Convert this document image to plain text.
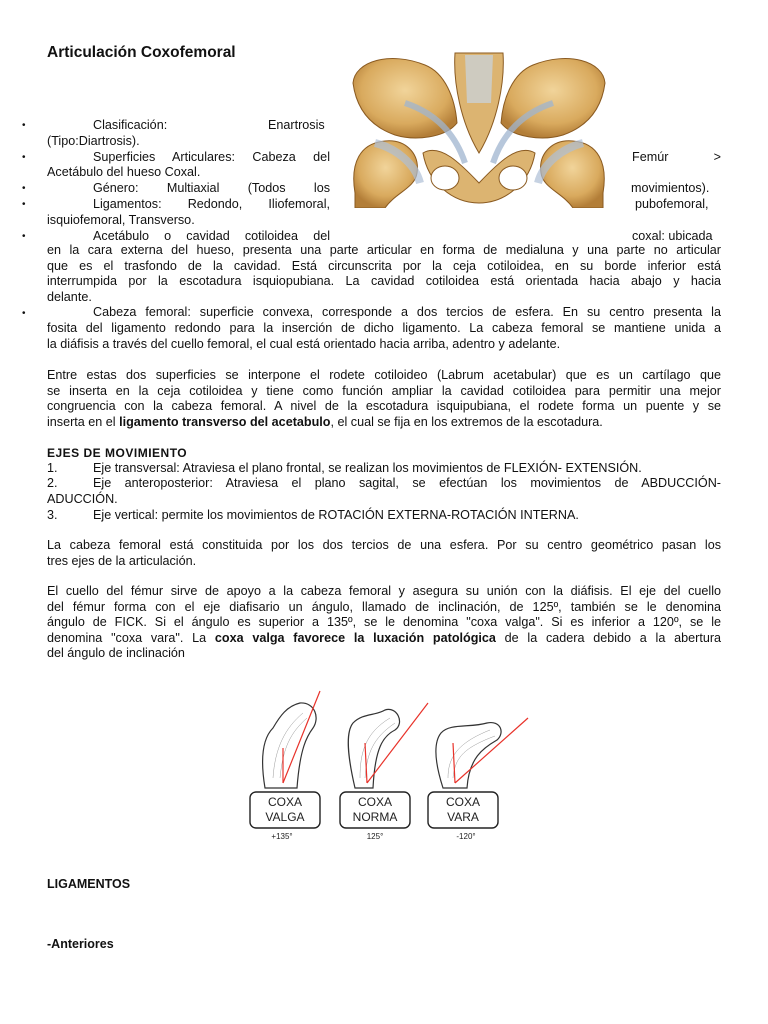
Articulación Coxofemoral
•	Clasificación:	Enartrosis
(Tipo:Diartrosis).
•	Superficies Articulares: Cabeza del	Femúr >
Acetábulo del hueso Coxal.
•	Género: Multiaxial (Todos los	movimientos).
•	Ligamentos: Redondo, Iliofemoral,	pubofemoral,
isquiofemoral, Transverso.
•	Acetábulo o cavidad cotiloidea del	coxal: ubicada
en la cara externa del hueso, presenta una parte articular en forma de medialuna y una parte no articular
que es el trasfondo de la cavidad. Está circunscrita por la ceja cotiloidea, en su borde inferior está
interrumpida por la escotadura isquiopubiana. La cavidad cotiloidea está orientada hacia abajo y hacia
delante.
•	Cabeza femoral: superficie convexa, corresponde a dos tercios de esfera. En su centro presenta la
fosita del ligamento redondo para la inserción de dicho ligamento. La cabeza femoral se mantiene unida a
la diáfisis a través del cuello femoral, el cual está orientado hacia arriba, adentro y adelante.
Entre estas dos superficies se interpone el rodete cotiloideo (Labrum acetabular) que es un cartílago que
se inserta en la ceja cotiloidea y tiene como función ampliar la cavidad cotiloidea para permitir una mejor
congruencia con la cabeza femoral. A nivel de la escotadura isquipubiana, el rodete forma un puente y se
inserta en el ligamento transverso del acetabulo, el cual se fija en los extremos de la escotadura.
EJES DE MOVIMIENTO
1.	Eje transversal: Atraviesa el plano frontal, se realizan los movimientos de FLEXIÓN- EXTENSIÓN.
2.	Eje anteroposterior: Atraviesa el plano sagital, se efectúan los movimientos de ABDUCCIÓN-
ADUCCIÓN.
3.	Eje vertical: permite los movimientos de ROTACIÓN EXTERNA-ROTACIÓN INTERNA.
La cabeza femoral está constituida por los dos tercios de una esfera. Por su centro geométrico pasan los
tres ejes de la articulación.
El cuello del fémur sirve de apoyo a la cabeza femoral y asegura su unión con la diáfisis. El eje del cuello
del fémur forma con el eje diafisario un ángulo, llamado de inclinación, de 125º, también se le denomina
ángulo de FICK. Si el ángulo es superior a 135º, se le denomina "coxa valga". Si es inferior a 120º, se le
denomina "coxa vara". La coxa valga favorece la luxación patológica de la cadera debido a la abertura
del ángulo de inclinación
COXA
VALGA
COXA
NORMA
COXA
VARA
+135°	125°	-120°
LIGAMENTOS
-Anteriores
